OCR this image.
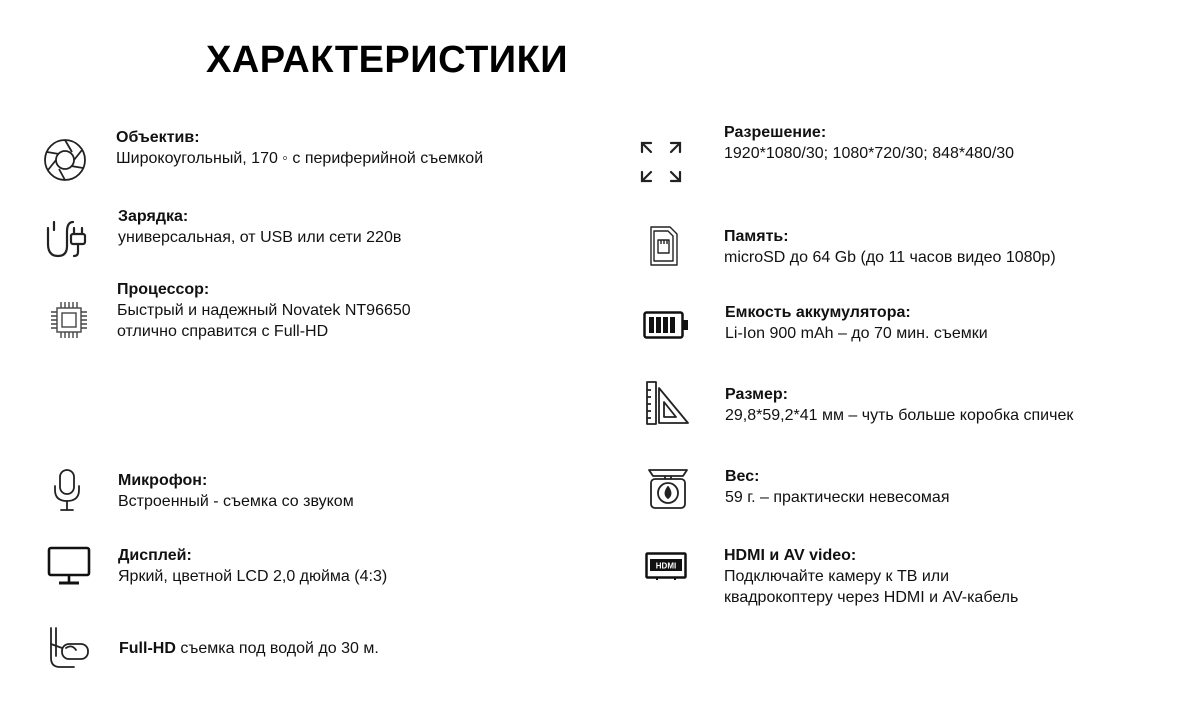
ХАРАКТЕРИСТИКИ
Объектив:
Широкоугольный, 170 ◦ с периферийной съемкой
Зарядка:
универсальная, от USB или сети 220в
Процессор:
Быстрый и надежный Novatek NT96650
отлично справится с Full-HD
Микрофон:
Встроенный - съемка со звуком
Дисплей:
Яркий, цветной LCD 2,0 дюйма (4:3)
Full-HD съемка под водой до 30 м.
Разрешение:
1920*1080/30; 1080*720/30; 848*480/30
Память:
microSD до 64 Gb (до 11 часов видео 1080p)
Емкость аккумулятора:
Li-Ion 900 mAh – до 70 мин. съемки
Размер:
29,8*59,2*41 мм – чуть больше коробка спичек
Вес:
59 г. – практически невесомая
HDMI
HDMI и AV video:
Подключайте камеру к ТВ или
квадрокоптеру через HDMI и AV-кабель
